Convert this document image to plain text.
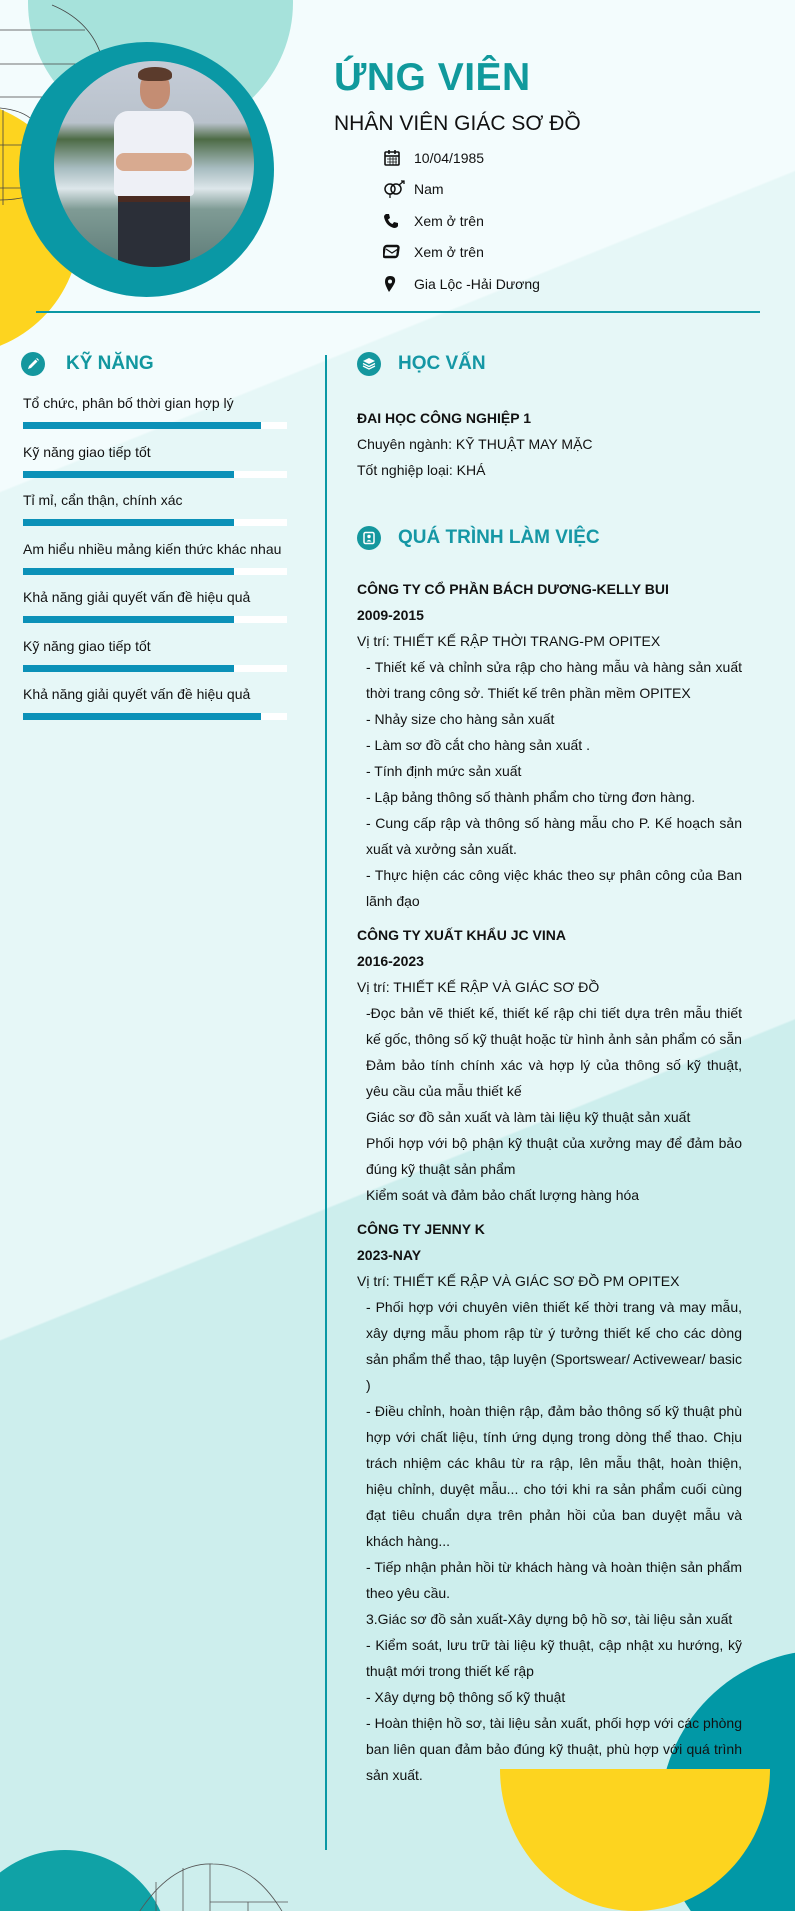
ỨNG VIÊN
NHÂN VIÊN GIÁC SƠ ĐỒ
10/04/1985
Nam
Xem ở trên
Xem ở trên
Gia Lộc -Hải Dương
KỸ NĂNG
Tổ chức, phân bố thời gian hợp lý
Kỹ năng giao tiếp tốt
Tỉ mỉ, cẩn thận, chính xác
Am hiểu nhiều mảng kiến thức khác nhau
Khả năng giải quyết vấn đề hiệu quả
Kỹ năng giao tiếp tốt
Khả năng giải quyết vấn đề hiệu quả
HỌC VẤN
ĐAI HỌC CÔNG NGHIỆP 1
Chuyên ngành: KỸ THUẬT MAY MẶC
Tốt nghiệp loại: KHÁ
QUÁ TRÌNH LÀM VIỆC
CÔNG TY CỔ PHẦN BÁCH DƯƠNG-KELLY BUI
2009-2015
Vị trí: THIẾT KẾ RẬP THỜI TRANG-PM OPITEX
- Thiết kế và chỉnh sửa rập cho hàng mẫu và hàng sản xuất thời trang công sở. Thiết kế trên phần mềm OPITEX
- Nhảy size cho hàng sản xuất
- Làm sơ đồ cắt cho hàng sản xuất .
- Tính định mức sản xuất
- Lập bảng thông số thành phẩm cho từng đơn hàng.
- Cung cấp rập và thông số hàng mẫu cho P. Kế hoạch sản xuất và xưởng sản xuất.
- Thực hiện các công việc khác theo sự phân công của Ban lãnh đạo
CÔNG TY XUẤT KHẨU JC VINA
2016-2023
Vị trí: THIẾT KẾ RẬP VÀ GIÁC SƠ ĐỒ
-Đọc bản vẽ thiết kế, thiết kế rập chi tiết dựa trên mẫu thiết kế gốc, thông số kỹ thuật hoặc từ hình ảnh sản phẩm có sẵn
Đảm bảo tính chính xác và hợp lý của thông số kỹ thuật, yêu cầu của mẫu thiết kế
Giác sơ đồ sản xuất và làm tài liệu kỹ thuật sản xuất
Phối hợp với bộ phận kỹ thuật của xưởng may để đảm bảo đúng kỹ thuật sản phẩm
Kiểm soát và đảm bảo chất lượng hàng hóa
CÔNG TY JENNY K
2023-NAY
Vị trí: THIẾT KẾ RẬP VÀ GIÁC SƠ ĐỒ PM OPITEX
- Phối hợp với chuyên viên thiết kế thời trang và may mẫu, xây dựng mẫu phom rập từ ý tưởng thiết kế cho các dòng sản phẩm thể thao, tập luyện (Sportswear/ Activewear/ basic )
- Điều chỉnh, hoàn thiện rập, đảm bảo thông số kỹ thuật phù hợp với chất liệu, tính ứng dụng trong dòng thể thao. Chịu trách nhiệm các khâu từ ra rập, lên mẫu thật, hoàn thiện, hiệu chỉnh, duyệt mẫu... cho tới khi ra sản phẩm cuối cùng đạt tiêu chuẩn dựa trên phản hồi của ban duyệt mẫu và khách hàng...
- Tiếp nhận phản hồi từ khách hàng và hoàn thiện sản phẩm theo yêu cầu.
3.Giác sơ đồ sản xuất-Xây dựng bộ hồ sơ, tài liệu sản xuất
- Kiểm soát, lưu trữ tài liệu kỹ thuật, cập nhật xu hướng, kỹ thuật mới trong thiết kế rập
- Xây dựng bộ thông số kỹ thuật
- Hoàn thiện hồ sơ, tài liệu sản xuất, phối hợp với các phòng ban liên quan đảm bảo đúng kỹ thuật, phù hợp với quá trình sản xuất.
